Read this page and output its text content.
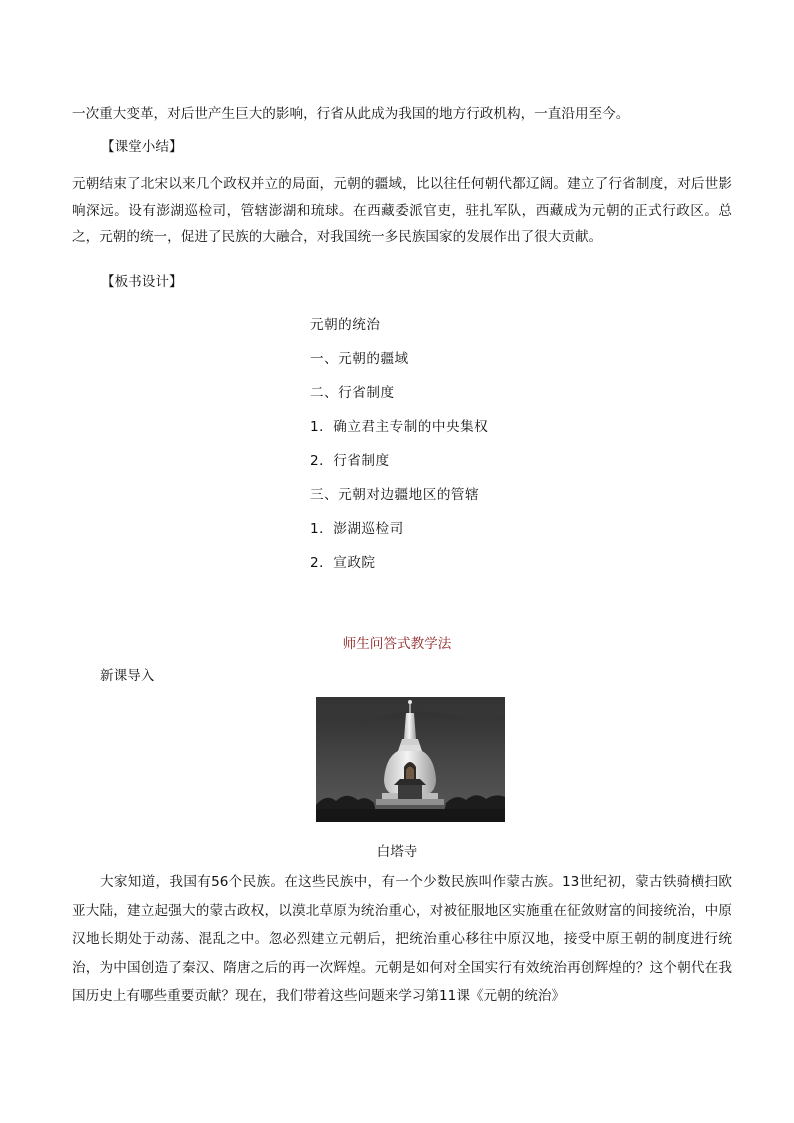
一次重大变革，对后世产生巨大的影响，行省从此成为我国的地方行政机构，一直沿用至今。

【课堂小结】

元朝结束了北宋以来几个政权并立的局面，元朝的疆域，比以往任何朝代都辽阔。建立了行省制度，对后世影响深远。设有澎湖巡检司，管辖澎湖和琉球。在西藏委派官吏，驻扎军队，西藏成为元朝的正式行政区。总之，元朝的统一，促进了民族的大融合，对我国统一多民族国家的发展作出了很大贡献。

【板书设计】

元朝的统治
一、元朝的疆域
二、行省制度
1．确立君主专制的中央集权
2．行省制度
三、元朝对边疆地区的管辖
1．澎湖巡检司
2．宣政院

师生问答式教学法

新课导入

白塔寺

大家知道，我国有56个民族。在这些民族中，有一个少数民族叫作蒙古族。13世纪初，蒙古铁骑横扫欧亚大陆，建立起强大的蒙古政权，以漠北草原为统治重心，对被征服地区实施重在征敛财富的间接统治，中原汉地长期处于动荡、混乱之中。忽必烈建立元朝后，把统治重心移往中原汉地，接受中原王朝的制度进行统治，为中国创造了秦汉、隋唐之后的再一次辉煌。元朝是如何对全国实行有效统治再创辉煌的？这个朝代在我国历史上有哪些重要贡献？现在，我们带着这些问题来学习第11课《元朝的统治》
